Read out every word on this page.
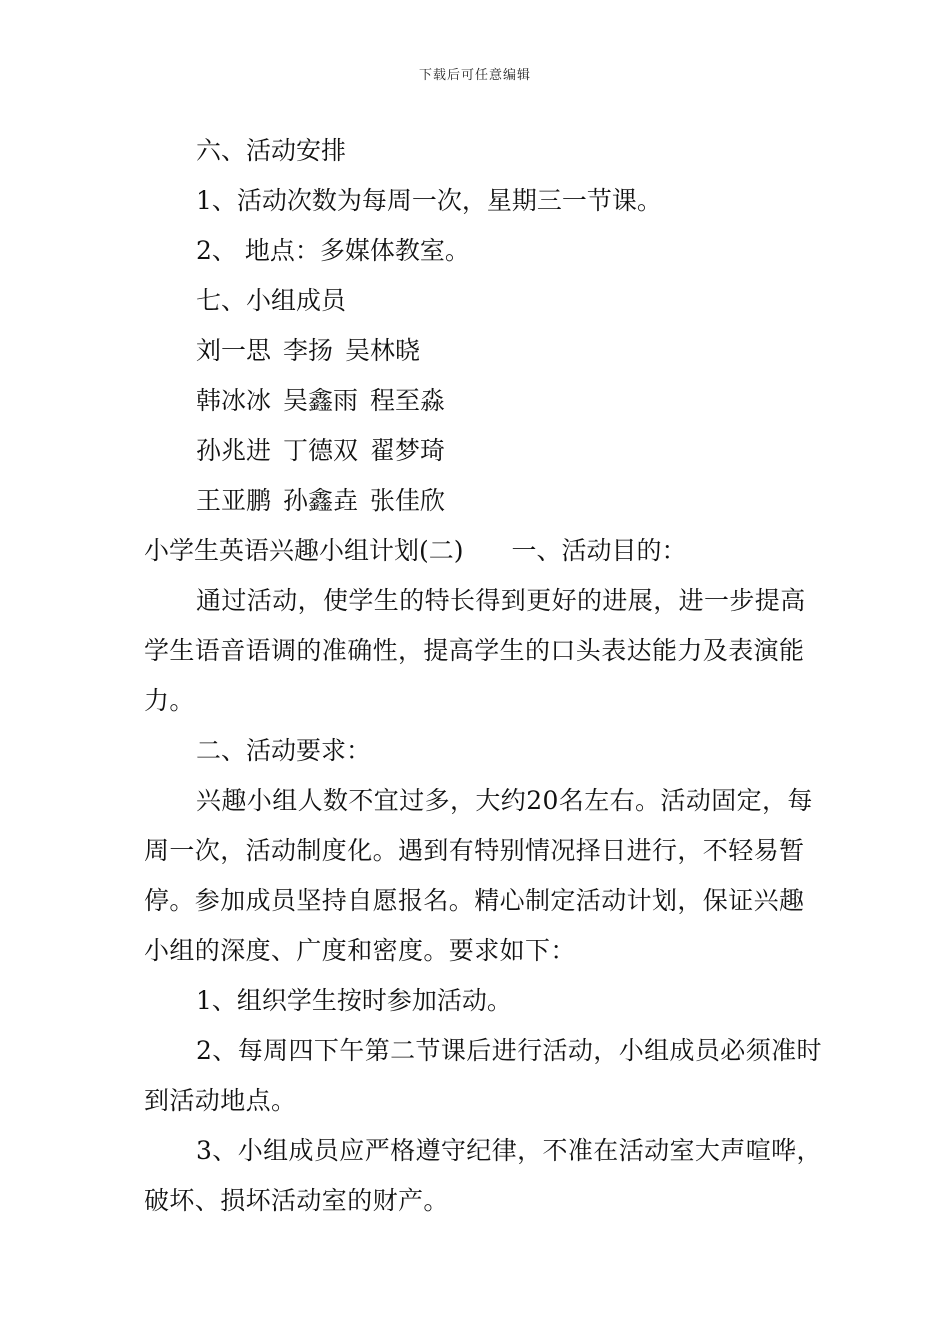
下载后可任意编辑

六、活动安排

1、活动次数为每周一次，星期三一节课。

2、 地点：多媒体教室。

七、小组成员

刘一思 李扬 吴林晓

韩冰冰 吴鑫雨 程至淼

孙兆进 丁德双 翟梦琦

王亚鹏 孙鑫垚 张佳欣

小学生英语兴趣小组计划(二) 一、活动目的：

通过活动，使学生的特长得到更好的进展，进一步提高学生语音语调的准确性，提高学生的口头表达能力及表演能力。

二、活动要求：

兴趣小组人数不宜过多，大约20名左右。活动固定，每周一次，活动制度化。遇到有特别情况择日进行，不轻易暂停。参加成员坚持自愿报名。精心制定活动计划，保证兴趣小组的深度、广度和密度。要求如下：

1、组织学生按时参加活动。

2、每周四下午第二节课后进行活动，小组成员必须准时到活动地点。

3、小组成员应严格遵守纪律，不准在活动室大声喧哗，破坏、损坏活动室的财产。
